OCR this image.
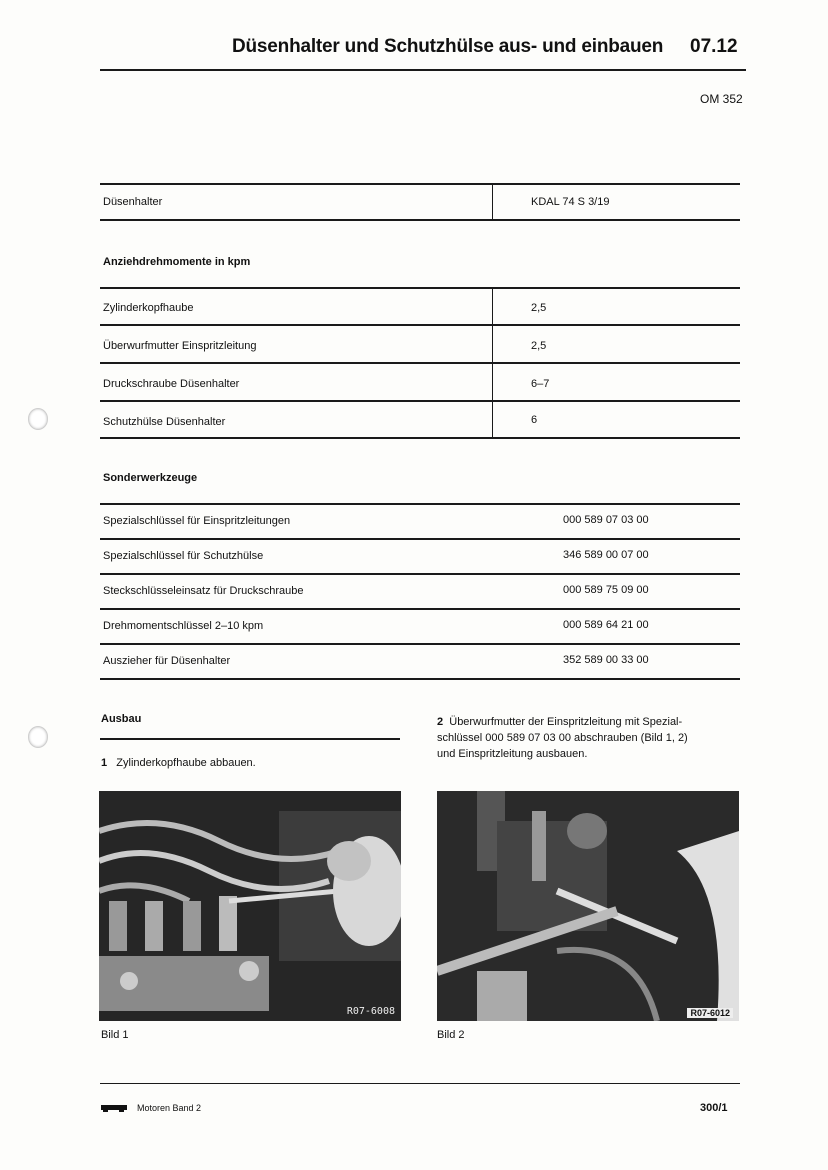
Düsenhalter und Schutzhülse aus- und einbauen 07.12
OM 352
Düsenhalter	KDAL 74 S 3/19
Anziehdrehmomente in kpm
Zylinderkopfhaube	2,5
Überwurfmutter Einspritzleitung	2,5
Druckschraube Düsenhalter	6–7
Schutzhülse Düsenhalter	6
Sonderwerkzeuge
Spezialschlüssel für Einspritzleitungen	000 589 07 03 00
Spezialschlüssel für Schutzhülse	346 589 00 07 00
Steckschlüsseleinsatz für Druckschraube	000 589 75 09 00
Drehmomentschlüssel 2–10 kpm	000 589 64 21 00
Auszieher für Düsenhalter	352 589 00 33 00
Ausbau
1 Zylinderkopfhaube abbauen.
2 Überwurfmutter der Einspritzleitung mit Spezial-
schlüssel 000 589 07 03 00 abschrauben (Bild 1, 2)
und Einspritzleitung ausbauen.
R07-6008
Bild 1
R07-6012
Bild 2
Motoren Band 2	300/1
